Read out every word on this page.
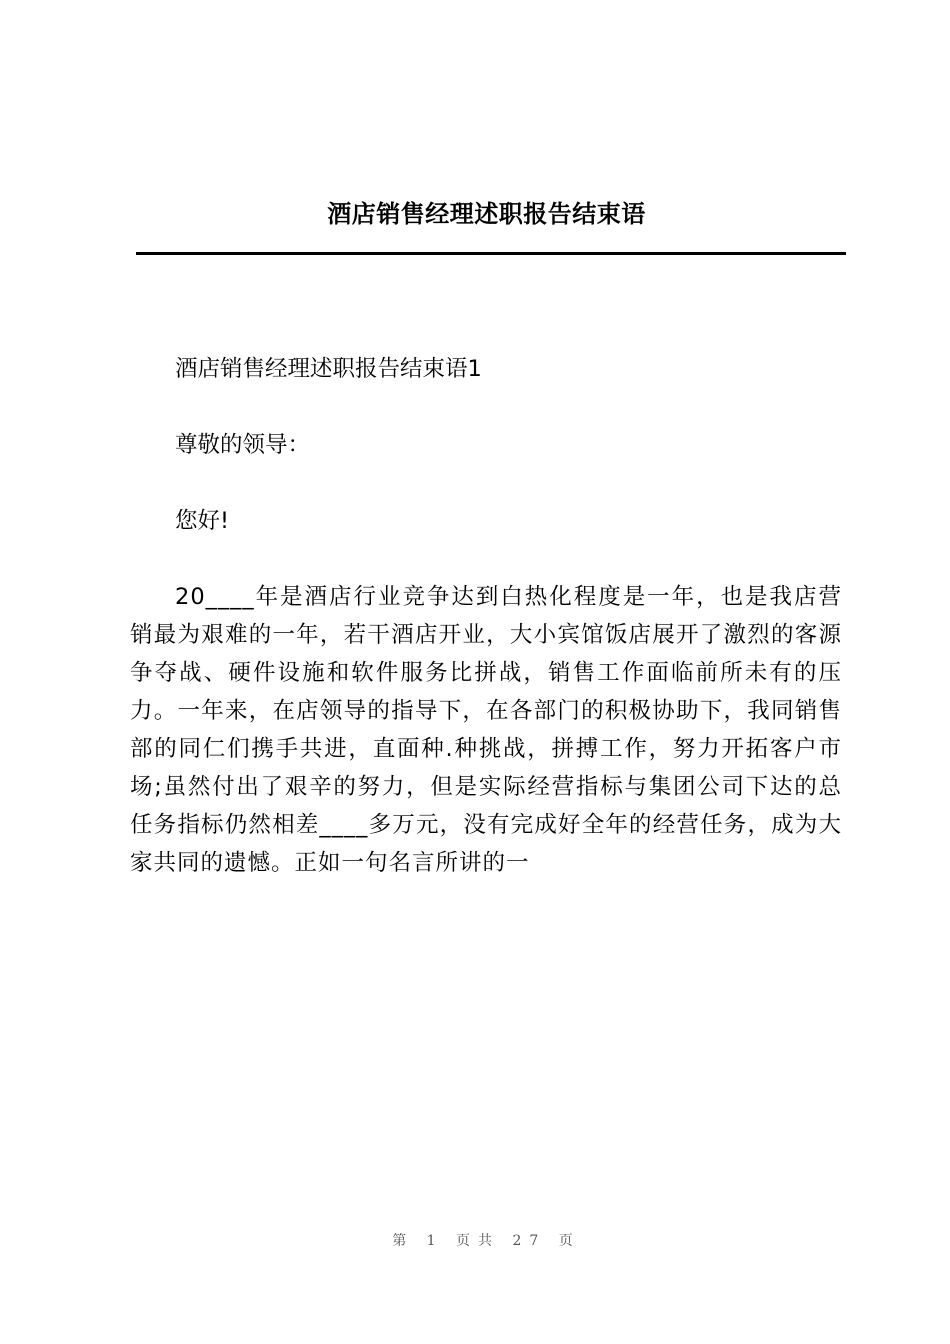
酒店销售经理述职报告结束语

酒店销售经理述职报告结束语1

尊敬的领导：

您好!

20____年是酒店行业竞争达到白热化程度是一年，也是我店营销最为艰难的一年，若干酒店开业，大小宾馆饭店展开了激烈的客源争夺战、硬件设施和软件服务比拼战，销售工作面临前所未有的压力。一年来，在店领导的指导下，在各部门的积极协助下，我同销售部的同仁们携手共进，直面种.种挑战，拼搏工作，努力开拓客户市场;虽然付出了艰辛的努力，但是实际经营指标与集团公司下达的总任务指标仍然相差____多万元，没有完成好全年的经营任务，成为大家共同的遗憾。正如一句名言所讲的一

第 1 页共 27 页
